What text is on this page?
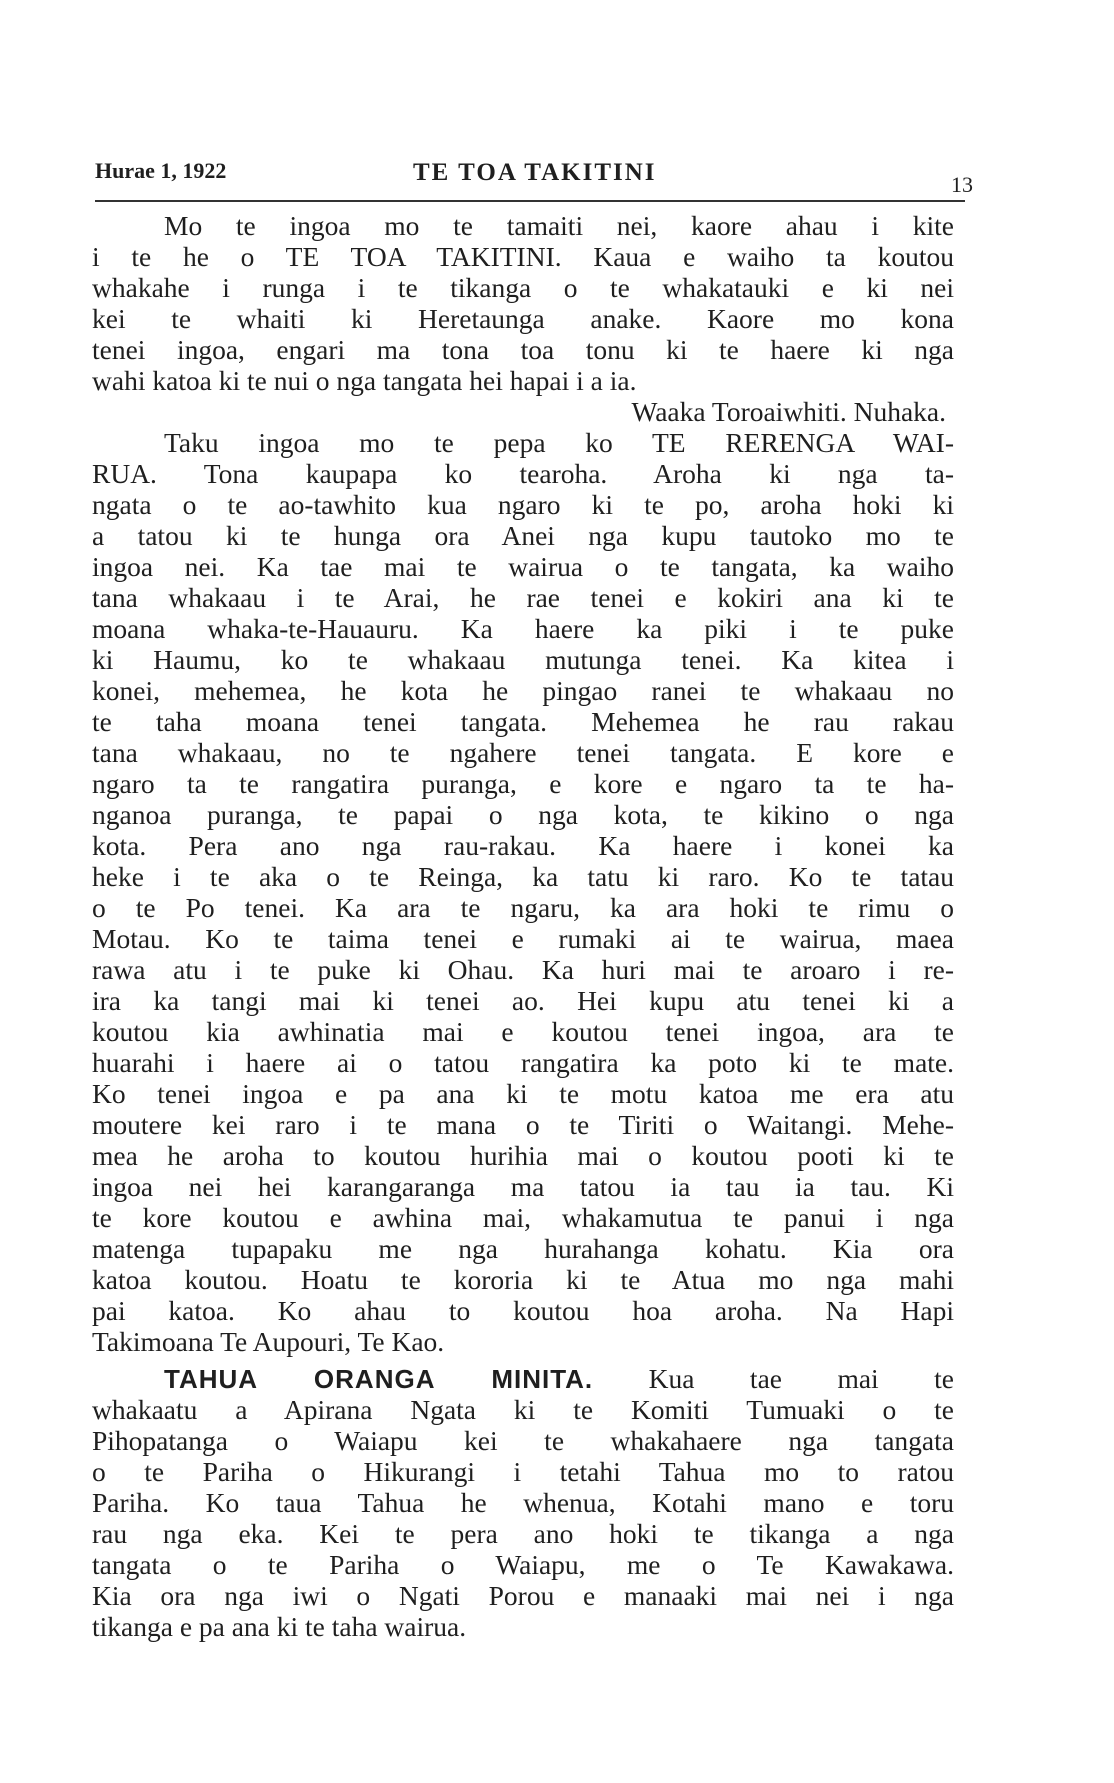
Hurae 1, 1922	TE TOA TAKITINI	13
Mo te ingoa mo te tamaiti nei, kaore ahau i kite
i te he o TE TOA TAKITINI. Kaua e waiho ta koutou
whakahe i runga i te tikanga o te whakatauki e ki nei
kei te whaiti ki Heretaunga anake. Kaore mo kona
tenei ingoa, engari ma tona toa tonu ki te haere ki nga
wahi katoa ki te nui o nga tangata hei hapai i a ia.
Waaka Toroaiwhiti. Nuhaka.
Taku ingoa mo te pepa ko TE RERENGA WAI-
RUA. Tona kaupapa ko tearoha. Aroha ki nga ta-
ngata o te ao-tawhito kua ngaro ki te po, aroha hoki ki
a tatou ki te hunga ora Anei nga kupu tautoko mo te
ingoa nei. Ka tae mai te wairua o te tangata, ka waiho
tana whakaau i te Arai, he rae tenei e kokiri ana ki te
moana whaka-te-Hauauru. Ka haere ka piki i te puke
ki Haumu, ko te whakaau mutunga tenei. Ka kitea i
konei, mehemea, he kota he pingao ranei te whakaau no
te taha moana tenei tangata. Mehemea he rau rakau
tana whakaau, no te ngahere tenei tangata. E kore e
ngaro ta te rangatira puranga, e kore e ngaro ta te ha-
nganoa puranga, te papai o nga kota, te kikino o nga
kota. Pera ano nga rau-rakau. Ka haere i konei ka
heke i te aka o te Reinga, ka tatu ki raro. Ko te tatau
o te Po tenei. Ka ara te ngaru, ka ara hoki te rimu o
Motau. Ko te taima tenei e rumaki ai te wairua, maea
rawa atu i te puke ki Ohau. Ka huri mai te aroaro i re-
ira ka tangi mai ki tenei ao. Hei kupu atu tenei ki a
koutou kia awhinatia mai e koutou tenei ingoa, ara te
huarahi i haere ai o tatou rangatira ka poto ki te mate.
Ko tenei ingoa e pa ana ki te motu katoa me era atu
moutere kei raro i te mana o te Tiriti o Waitangi. Mehe-
mea he aroha to koutou hurihia mai o koutou pooti ki te
ingoa nei hei karangaranga ma tatou ia tau ia tau. Ki
te kore koutou e awhina mai, whakamutua te panui i nga
matenga tupapaku me nga hurahanga kohatu. Kia ora
katoa koutou. Hoatu te kororia ki te Atua mo nga mahi
pai katoa. Ko ahau to koutou hoa aroha. Na Hapi
Takimoana Te Aupouri, Te Kao.
TAHUA ORANGA MINITA. Kua tae mai te
whakaatu a Apirana Ngata ki te Komiti Tumuaki o te
Pihopatanga o Waiapu kei te whakahaere nga tangata
o te Pariha o Hikurangi i tetahi Tahua mo to ratou
Pariha. Ko taua Tahua he whenua, Kotahi mano e toru
rau nga eka. Kei te pera ano hoki te tikanga a nga
tangata o te Pariha o Waiapu, me o Te Kawakawa.
Kia ora nga iwi o Ngati Porou e manaaki mai nei i nga
tikanga e pa ana ki te taha wairua.
